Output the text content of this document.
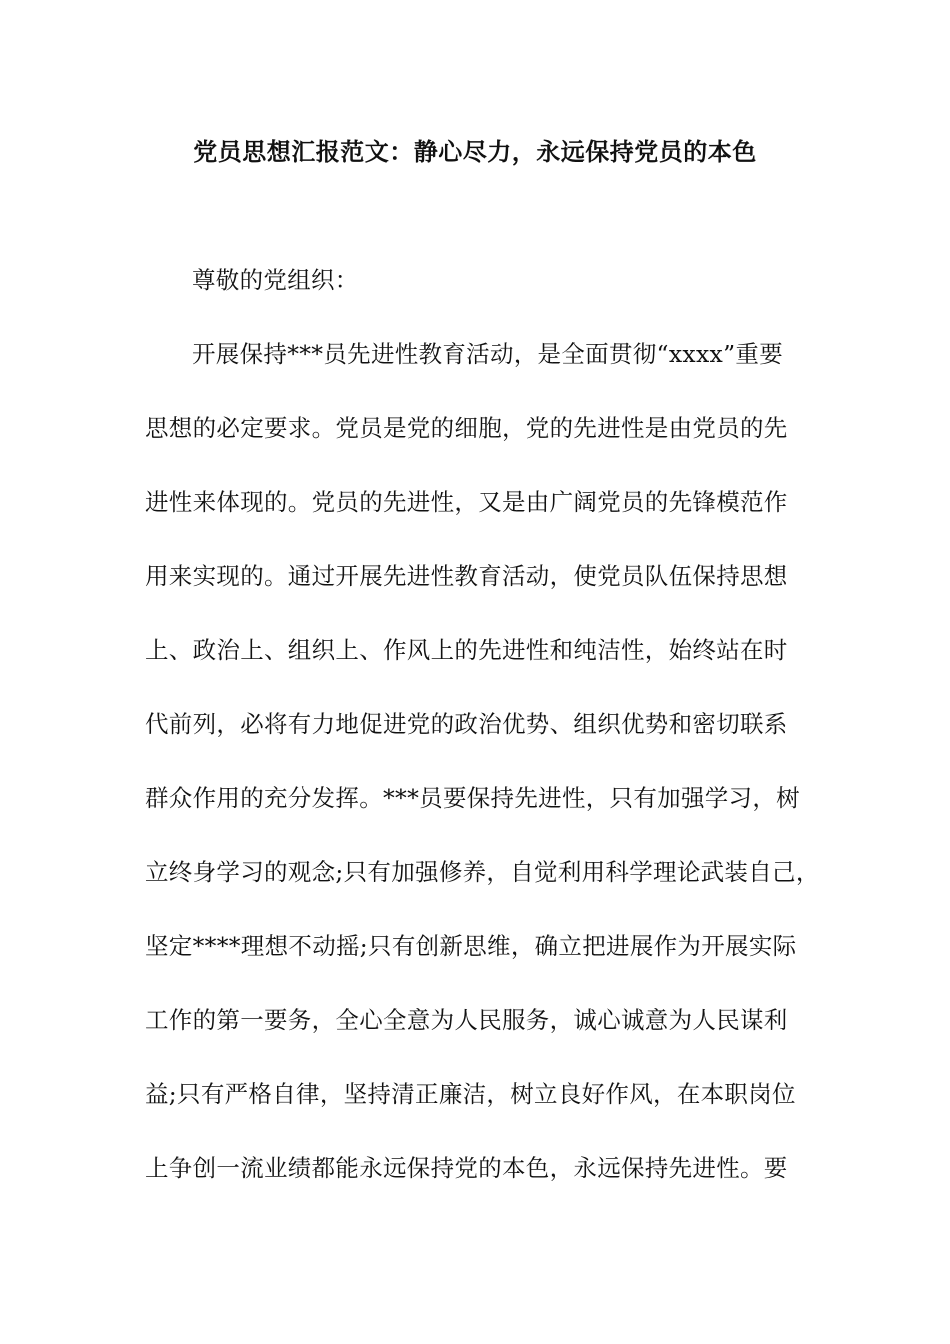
党员思想汇报范文：静心尽力，永远保持党员的本色
尊敬的党组织：
开展保持***员先进性教育活动，是全面贯彻“xxxx”重要
思想的必定要求。党员是党的细胞，党的先进性是由党员的先
进性来体现的。党员的先进性，又是由广阔党员的先锋模范作
用来实现的。通过开展先进性教育活动，使党员队伍保持思想
上、政治上、组织上、作风上的先进性和纯洁性，始终站在时
代前列，必将有力地促进党的政治优势、组织优势和密切联系
群众作用的充分发挥。***员要保持先进性，只有加强学习，树
立终身学习的观念;只有加强修养，自觉利用科学理论武装自己，
坚定****理想不动摇;只有创新思维，确立把进展作为开展实际
工作的第一要务，全心全意为人民服务，诚心诚意为人民谋利
益;只有严格自律，坚持清正廉洁，树立良好作风，在本职岗位
上争创一流业绩都能永远保持党的本色，永远保持先进性。要
